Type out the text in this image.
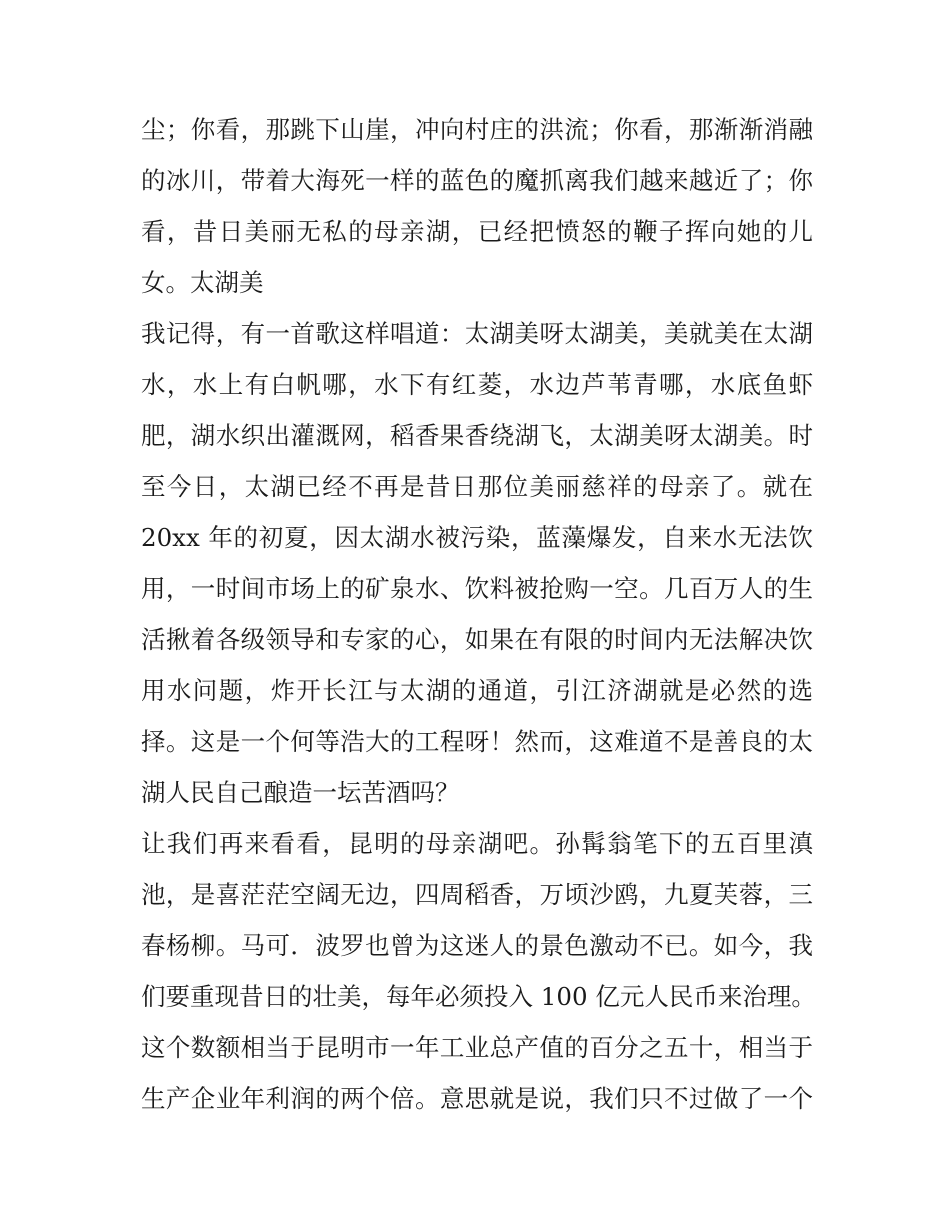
尘；你看，那跳下山崖，冲向村庄的洪流；你看，那渐渐消融
的冰川，带着大海死一样的蓝色的魔抓离我们越来越近了；你
看，昔日美丽无私的母亲湖，已经把愤怒的鞭子挥向她的儿
女。太湖美
我记得，有一首歌这样唱道：太湖美呀太湖美，美就美在太湖
水，水上有白帆哪，水下有红菱，水边芦苇青哪，水底鱼虾
肥，湖水织出灌溉网，稻香果香绕湖飞，太湖美呀太湖美。时
至今日，太湖已经不再是昔日那位美丽慈祥的母亲了。就在
20xx 年的初夏，因太湖水被污染，蓝藻爆发，自来水无法饮
用，一时间市场上的矿泉水、饮料被抢购一空。几百万人的生
活揪着各级领导和专家的心，如果在有限的时间内无法解决饮
用水问题，炸开长江与太湖的通道，引江济湖就是必然的选
择。这是一个何等浩大的工程呀！然而，这难道不是善良的太
湖人民自己酿造一坛苦酒吗？
让我们再来看看，昆明的母亲湖吧。孙髯翁笔下的五百里滇
池，是喜茫茫空阔无边，四周稻香，万顷沙鸥，九夏芙蓉，三
春杨柳。马可．波罗也曾为这迷人的景色激动不已。如今，我
们要重现昔日的壮美，每年必须投入 100 亿元人民币来治理。
这个数额相当于昆明市一年工业总产值的百分之五十，相当于
生产企业年利润的两个倍。意思就是说，我们只不过做了一个
